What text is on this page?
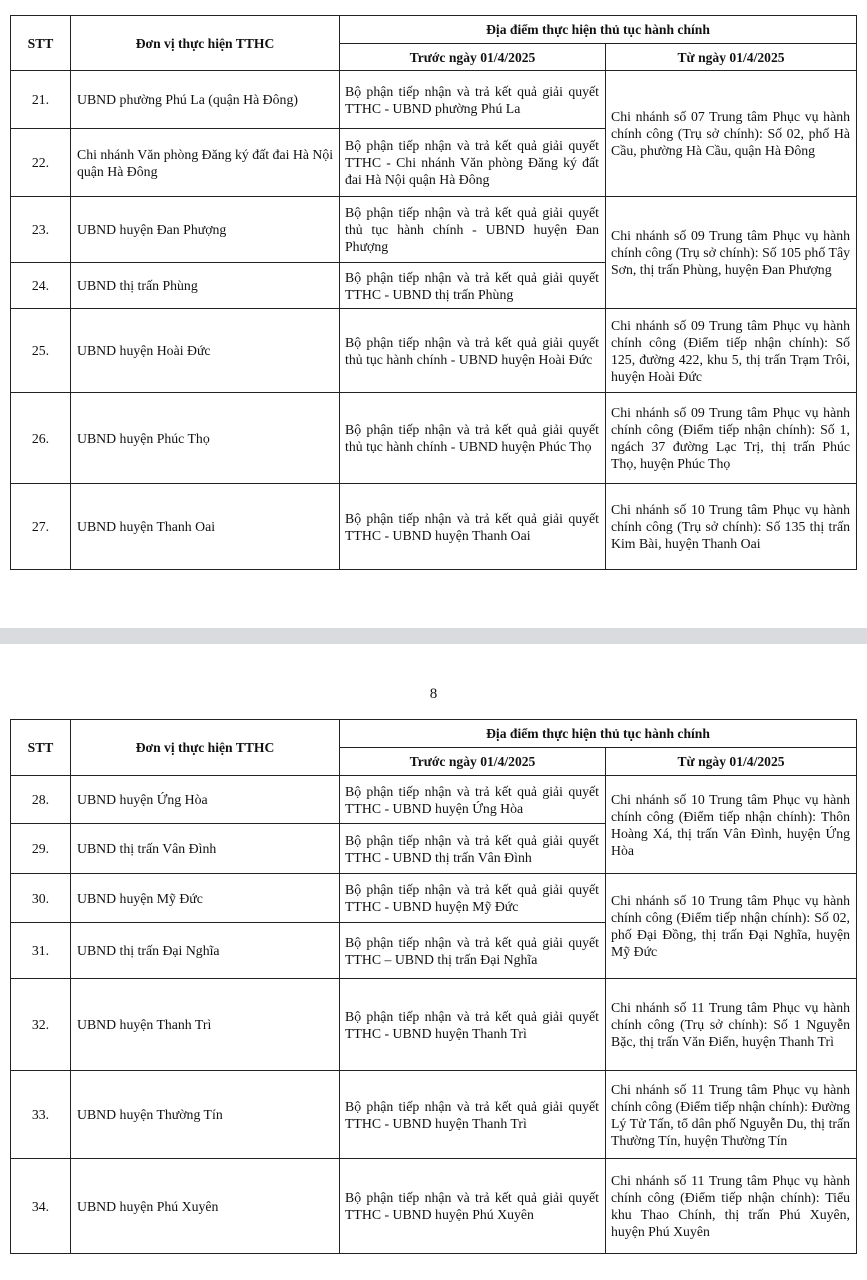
STT	Đơn vị thực hiện TTHC	Địa điểm thực hiện thủ tục hành chính	
		Trước ngày 01/4/2025	Từ ngày 01/4/2025
21.	UBND phường Phú La (quận Hà Đông)	Bộ phận tiếp nhận và trả kết quả giải quyết TTHC - UBND phường Phú La	Chi nhánh số 07 Trung tâm Phục vụ hành chính công (Trụ sở chính): Số 02, phố Hà Cầu, phường Hà Cầu, quận Hà Đông
22.	Chi nhánh Văn phòng Đăng ký đất đai Hà Nội quận Hà Đông	Bộ phận tiếp nhận và trả kết quả giải quyết TTHC - Chi nhánh Văn phòng Đăng ký đất đai Hà Nội quận Hà Đông	
23.	UBND huyện Đan Phượng	Bộ phận tiếp nhận và trả kết quả giải quyết thủ tục hành chính - UBND huyện Đan Phượng	Chi nhánh số 09 Trung tâm Phục vụ hành chính công (Trụ sở chính): Số 105 phố Tây Sơn, thị trấn Phùng, huyện Đan Phượng
24.	UBND thị trấn Phùng	Bộ phận tiếp nhận và trả kết quả giải quyết TTHC - UBND thị trấn Phùng	
25.	UBND huyện Hoài Đức	Bộ phận tiếp nhận và trả kết quả giải quyết thủ tục hành chính - UBND huyện Hoài Đức	Chi nhánh số 09 Trung tâm Phục vụ hành chính công (Điểm tiếp nhận chính): Số 125, đường 422, khu 5, thị trấn Trạm Trôi, huyện Hoài Đức
26.	UBND huyện Phúc Thọ	Bộ phận tiếp nhận và trả kết quả giải quyết thủ tục hành chính - UBND huyện Phúc Thọ	Chi nhánh số 09 Trung tâm Phục vụ hành chính công (Điểm tiếp nhận chính): Số 1, ngách 37 đường Lạc Trị, thị trấn Phúc Thọ, huyện Phúc Thọ
27.	UBND huyện Thanh Oai	Bộ phận tiếp nhận và trả kết quả giải quyết TTHC - UBND huyện Thanh Oai	Chi nhánh số 10 Trung tâm Phục vụ hành chính công (Trụ sở chính): Số 135 thị trấn Kim Bài, huyện Thanh Oai
8
STT	Đơn vị thực hiện TTHC	Địa điểm thực hiện thủ tục hành chính	
		Trước ngày 01/4/2025	Từ ngày 01/4/2025
28.	UBND huyện Ứng Hòa	Bộ phận tiếp nhận và trả kết quả giải quyết TTHC - UBND huyện Ứng Hòa	Chi nhánh số 10 Trung tâm Phục vụ hành chính công (Điểm tiếp nhận chính): Thôn Hoàng Xá, thị trấn Vân Đình, huyện Ứng Hòa
29.	UBND thị trấn Vân Đình	Bộ phận tiếp nhận và trả kết quả giải quyết TTHC - UBND thị trấn Vân Đình	
30.	UBND huyện Mỹ Đức	Bộ phận tiếp nhận và trả kết quả giải quyết TTHC - UBND huyện Mỹ Đức	Chi nhánh số 10 Trung tâm Phục vụ hành chính công (Điểm tiếp nhận chính): Số 02, phố Đại Đồng, thị trấn Đại Nghĩa, huyện Mỹ Đức
31.	UBND thị trấn Đại Nghĩa	Bộ phận tiếp nhận và trả kết quả giải quyết TTHC – UBND thị trấn Đại Nghĩa	
32.	UBND huyện Thanh Trì	Bộ phận tiếp nhận và trả kết quả giải quyết TTHC - UBND huyện Thanh Trì	Chi nhánh số 11 Trung tâm Phục vụ hành chính công (Trụ sở chính): Số 1 Nguyễn Bặc, thị trấn Văn Điển, huyện Thanh Trì
33.	UBND huyện Thường Tín	Bộ phận tiếp nhận và trả kết quả giải quyết TTHC - UBND huyện Thanh Trì	Chi nhánh số 11 Trung tâm Phục vụ hành chính công (Điểm tiếp nhận chính): Đường Lý Tử Tấn, tổ dân phố Nguyễn Du, thị trấn Thường Tín, huyện Thường Tín
34.	UBND huyện Phú Xuyên	Bộ phận tiếp nhận và trả kết quả giải quyết TTHC - UBND huyện Phú Xuyên	Chi nhánh số 11 Trung tâm Phục vụ hành chính công (Điểm tiếp nhận chính): Tiểu khu Thao Chính, thị trấn Phú Xuyên, huyện Phú Xuyên
